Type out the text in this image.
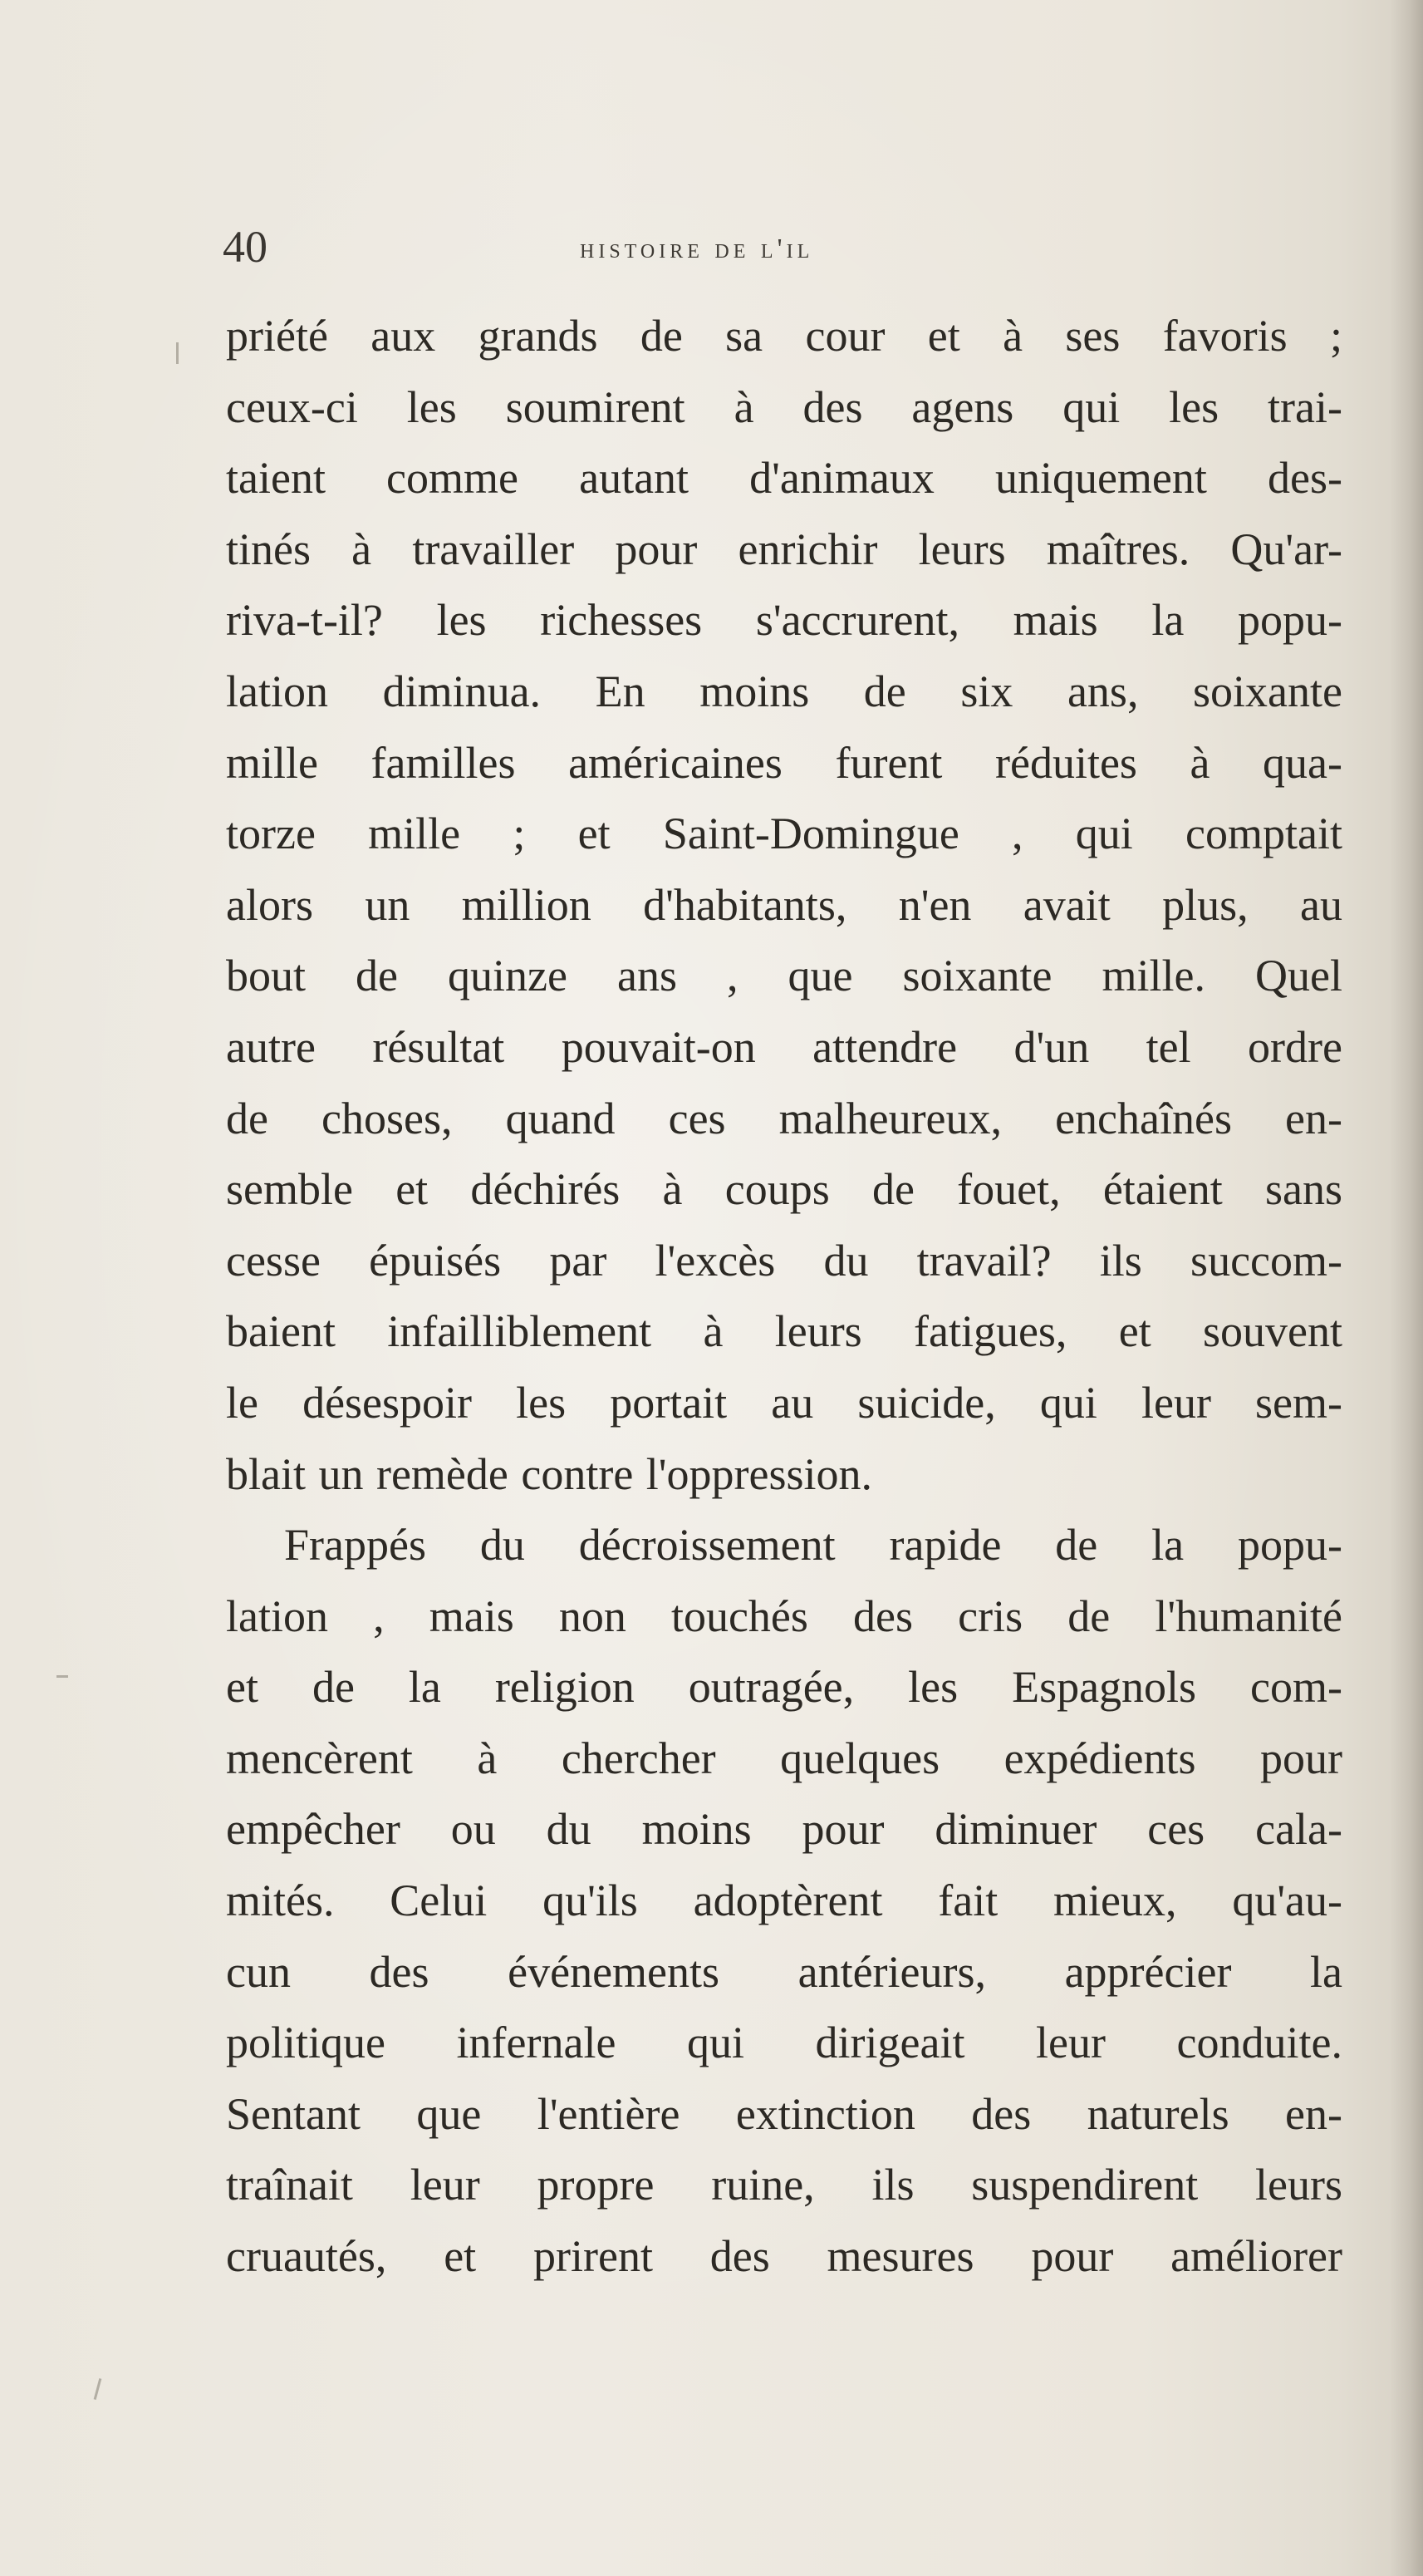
40	histoire de l'il
priété aux grands de sa cour et à ses favoris ;
ceux-ci les soumirent à des agens qui les trai-
taient comme autant d'animaux uniquement des-
tinés à travailler pour enrichir leurs maîtres. Qu'ar-
riva-t-il? les richesses s'accrurent, mais la popu-
lation diminua. En moins de six ans, soixante
mille familles américaines furent réduites à qua-
torze mille ; et Saint-Domingue , qui comptait
alors un million d'habitants, n'en avait plus, au
bout de quinze ans , que soixante mille. Quel
autre résultat pouvait-on attendre d'un tel ordre
de choses, quand ces malheureux, enchaînés en-
semble et déchirés à coups de fouet, étaient sans
cesse épuisés par l'excès du travail? ils succom-
baient infailliblement à leurs fatigues, et souvent
le désespoir les portait au suicide, qui leur sem-
blait un remède contre l'oppression.
Frappés du décroissement rapide de la popu-
lation , mais non touchés des cris de l'humanité
et de la religion outragée, les Espagnols com-
mencèrent à chercher quelques expédients pour
empêcher ou du moins pour diminuer ces cala-
mités. Celui qu'ils adoptèrent fait mieux, qu'au-
cun des événements antérieurs, apprécier la
politique infernale qui dirigeait leur conduite.
Sentant que l'entière extinction des naturels en-
traînait leur propre ruine, ils suspendirent leurs
cruautés, et prirent des mesures pour améliorer
